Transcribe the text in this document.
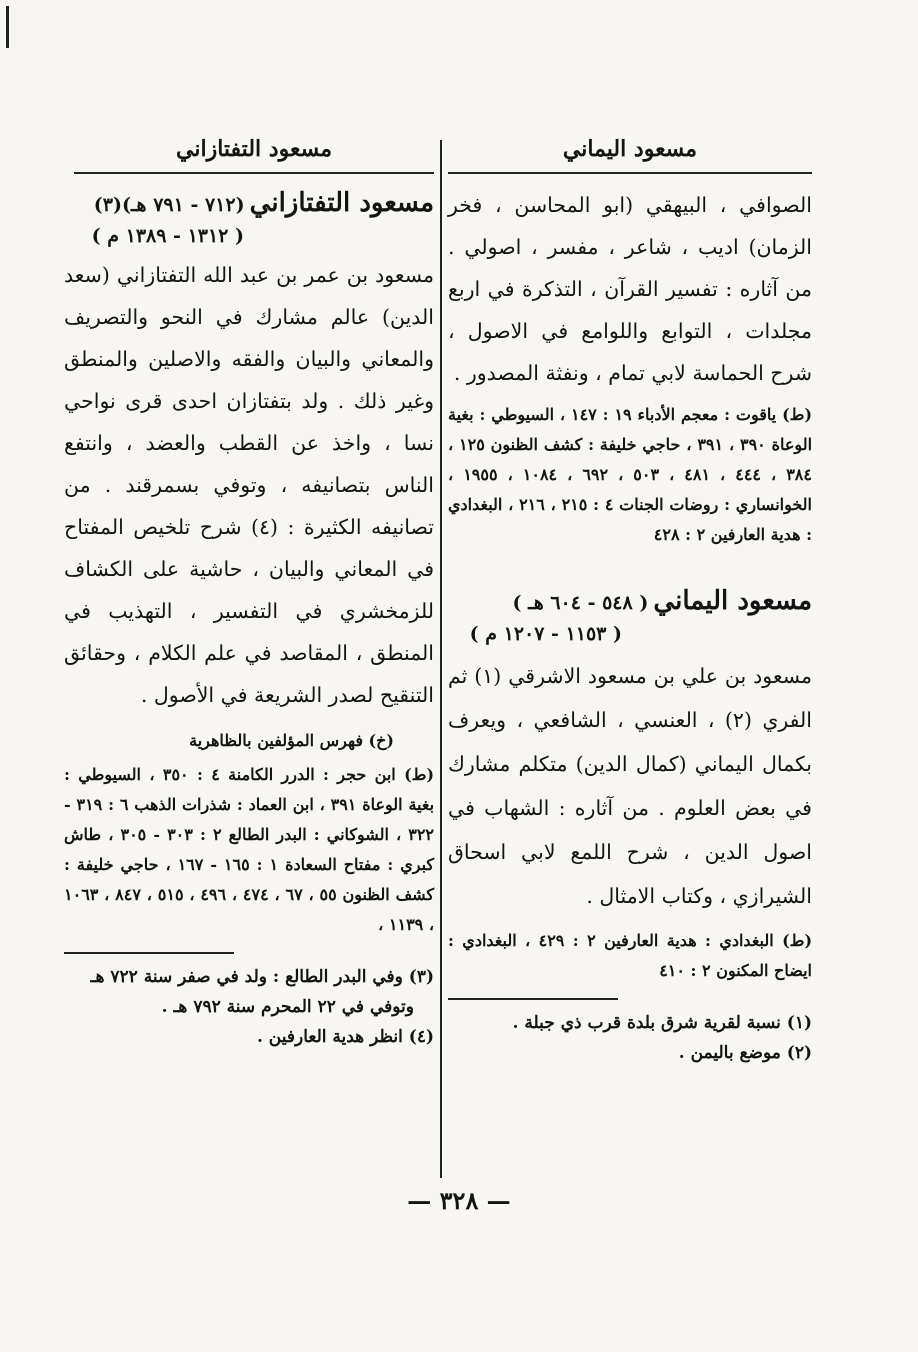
مسعود اليماني
الصوافي ، البيهقي (ابو المحاسن ، فخر الزمان) اديب ، شاعر ، مفسر ، اصولي . من آثاره : تفسير القرآن ، التذكرة في اربع مجلدات ، التوابع واللوامع في الاصول ، شرح الحماسة لابي تمام ، ونفثة المصدور .
(ط) ياقوت : معجم الأدباء ١٩ : ١٤٧ ، السيوطي : بغية الوعاة ٣٩٠ ، ٣٩١ ، حاجي خليفة : كشف الظنون ١٢٥ ، ٣٨٤ ، ٤٤٤ ، ٤٨١ ، ٥٠٣ ، ٦٩٢ ، ١٠٨٤ ، ١٩٥٥ ، الخوانساري : روضات الجنات ٤ : ٢١٥ ، ٢١٦ ، البغدادي : هدية العارفين ٢ : ٤٢٨
مسعود اليماني ( ٥٤٨ - ٦٠٤ هـ )
( ١١٥٣ - ١٢٠٧ م )
مسعود بن علي بن مسعود الاشرقي (١) ثم الفري (٢) ، العنسي ، الشافعي ، ويعرف بكمال اليماني (كمال الدين) متكلم مشارك في بعض العلوم . من آثاره : الشهاب في اصول الدين ، شرح اللمع لابي اسحاق الشيرازي ، وكتاب الامثال .
(ط) البغدادي : هدية العارفين ٢ : ٤٢٩ ، البغدادي : ايضاح المكنون ٢ : ٤١٠
(١) نسبة لقرية شرق بلدة قرب ذي جبلة .
(٢) موضع باليمن .
مسعود التفتازاني
مسعود التفتازاني (٧١٢ - ٧٩١ هـ)(٣)
( ١٣١٢ - ١٣٨٩ م )
مسعود بن عمر بن عبد الله التفتازاني (سعد الدين) عالم مشارك في النحو والتصريف والمعاني والبيان والفقه والاصلين والمنطق وغير ذلك . ولد بتفتازان احدى قرى نواحي نسا ، واخذ عن القطب والعضد ، وانتفع الناس بتصانيفه ، وتوفي بسمرقند . من تصانيفه الكثيرة : (٤) شرح تلخيص المفتاح في المعاني والبيان ، حاشية على الكشاف للزمخشري في التفسير ، التهذيب في المنطق ، المقاصد في علم الكلام ، وحقائق التنقيح لصدر الشريعة في الأصول .
(خ) فهرس المؤلفين بالظاهرية
(ط) ابن حجر : الدرر الكامنة ٤ : ٣٥٠ ، السيوطي : بغية الوعاة ٣٩١ ، ابن العماد : شذرات الذهب ٦ : ٣١٩ - ٣٢٢ ، الشوكاني : البدر الطالع ٢ : ٣٠٣ - ٣٠٥ ، طاش كبري : مفتاح السعادة ١ : ١٦٥ - ١٦٧ ، حاجي خليفة : كشف الظنون ٥٥ ، ٦٧ ، ٤٧٤ ، ٤٩٦ ، ٥١٥ ، ٨٤٧ ، ١٠٦٣ ، ١١٣٩ ،
(٣) وفي البدر الطالع : ولد في صفر سنة ٧٢٢ هـ
وتوفي في ٢٢ المحرم سنة ٧٩٢ هـ .
(٤) انظر هدية العارفين .
— ٣٢٨ —
